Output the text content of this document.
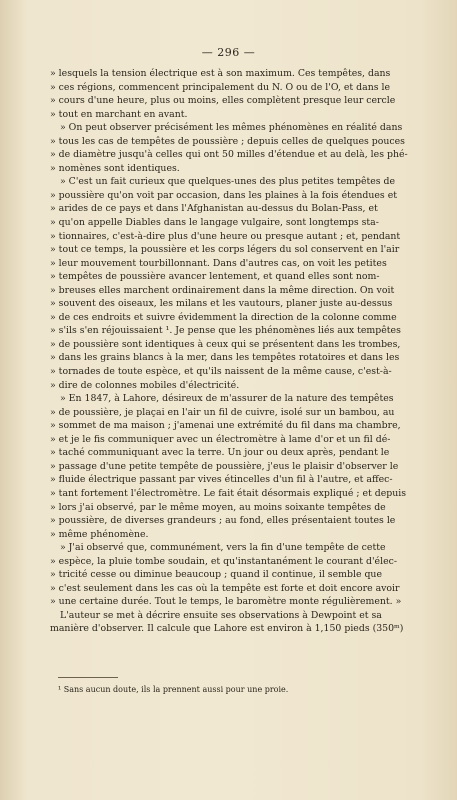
— 296 —
» lesquels la tension électrique est à son maximum. Ces tempêtes, dans
» ces régions, commencent principalement du N. O ou de l'O, et dans le
» cours d'une heure, plus ou moins, elles complètent presque leur cercle
» tout en marchant en avant.
» On peut observer précisément les mêmes phénomènes en réalité dans
» tous les cas de tempêtes de poussière ; depuis celles de quelques pouces
» de diamètre jusqu'à celles qui ont 50 milles d'étendue et au delà, les phé-
» nomènes sont identiques.
» C'est un fait curieux que quelques-unes des plus petites tempêtes de
» poussière qu'on voit par occasion, dans les plaines à la fois étendues et
» arides de ce pays et dans l'Afghanistan au-dessus du Bolan-Pass, et
» qu'on appelle Diables dans le langage vulgaire, sont longtemps sta-
» tionnaires, c'est-à-dire plus d'une heure ou presque autant ; et, pendant
» tout ce temps, la poussière et les corps légers du sol conservent en l'air
» leur mouvement tourbillonnant. Dans d'autres cas, on voit les petites
» tempêtes de poussière avancer lentement, et quand elles sont nom-
» breuses elles marchent ordinairement dans la même direction. On voit
» souvent des oiseaux, les milans et les vautours, planer juste au-dessus
» de ces endroits et suivre évidemment la direction de la colonne comme
» s'ils s'en réjouissaient ¹. Je pense que les phénomènes liés aux tempêtes
» de poussière sont identiques à ceux qui se présentent dans les trombes,
» dans les grains blancs à la mer, dans les tempêtes rotatoires et dans les
» tornades de toute espèce, et qu'ils naissent de la même cause, c'est-à-
» dire de colonnes mobiles d'électricité.
» En 1847, à Lahore, désireux de m'assurer de la nature des tempêtes
» de poussière, je plaçai en l'air un fil de cuivre, isolé sur un bambou, au
» sommet de ma maison ; j'amenai une extrémité du fil dans ma chambre,
» et je le fis communiquer avec un électromètre à lame d'or et un fil dé-
» taché communiquant avec la terre. Un jour ou deux après, pendant le
» passage d'une petite tempête de poussière, j'eus le plaisir d'observer le
» fluide électrique passant par vives étincelles d'un fil à l'autre, et affec-
» tant fortement l'électromètre. Le fait était désormais expliqué ; et depuis
» lors j'ai observé, par le même moyen, au moins soixante tempêtes de
» poussière, de diverses grandeurs ; au fond, elles présentaient toutes le
» même phénomène.
» J'ai observé que, communément, vers la fin d'une tempête de cette
» espèce, la pluie tombe soudain, et qu'instantanément le courant d'élec-
» tricité cesse ou diminue beaucoup ; quand il continue, il semble que
» c'est seulement dans les cas où la tempête est forte et doit encore avoir
» une certaine durée. Tout le temps, le baromètre monte régulièrement. »
L'auteur se met à décrire ensuite ses observations à Dewpoint et sa
manière d'observer. Il calcule que Lahore est environ à 1,150 pieds (350ᵐ)
¹ Sans aucun doute, ils la prennent aussi pour une proie.
